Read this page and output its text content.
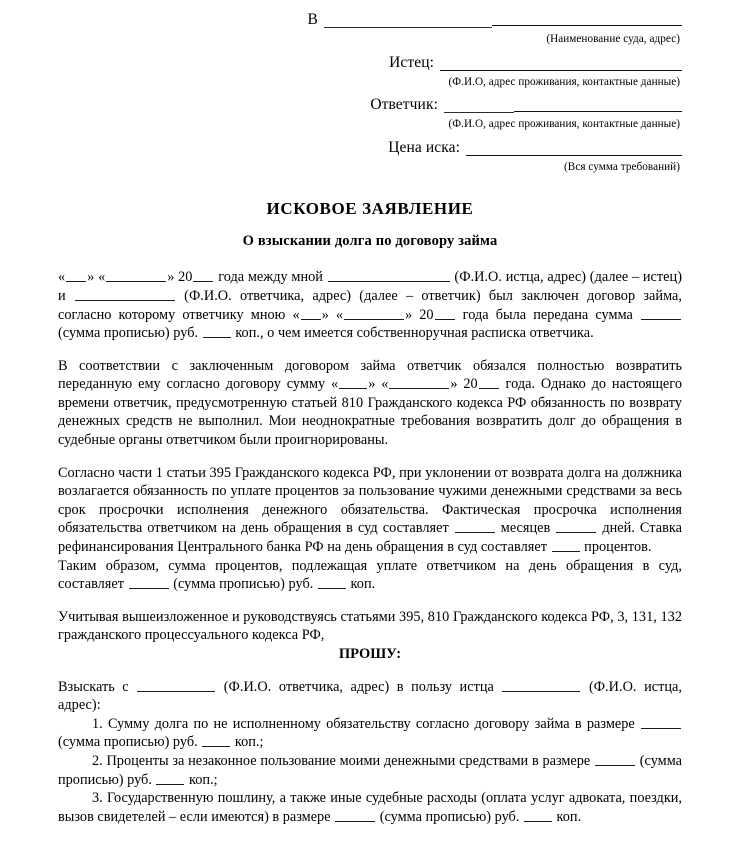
В
(Наименование суда, адрес)
Истец:
(Ф.И.О, адрес проживания, контактные данные)
Ответчик:
(Ф.И.О, адрес проживания, контактные данные)
Цена иска:
(Вся сумма требований)
ИСКОВОЕ ЗАЯВЛЕНИЕ
О взыскании долга по договору займа

« » «	» 20 года между мной	(Ф.И.О. истца, адрес) (далее – истец) и	(Ф.И.О. ответчика, адрес) (далее – ответчик) был заключен договор займа, согласно которому ответчику мною « » «	» 20 года была передана сумма  (сумма прописью) руб.  коп., о чем имеется собственноручная расписка ответчика.

В соответствии с заключенным договором займа ответчик обязался полностью возвратить переданную ему согласно договору сумму « » «	» 20 года. Однако до настоящего времени ответчик, предусмотренную статьей 810 Гражданского кодекса РФ обязанность по возврату денежных средств не выполнил. Мои неоднократные требования возвратить долг до обращения в судебные органы ответчиком были проигнорированы.

Согласно части 1 статьи 395 Гражданского кодекса РФ, при уклонении от возврата долга на должника возлагается обязанность по уплате процентов за пользование чужими денежными средствами за весь срок просрочки исполнения денежного обязательства. Фактическая просрочка исполнения обязательства ответчиком на день обращения в суд составляет	месяцев	дней. Ставка рефинансирования Центрального банка РФ на день обращения в суд составляет  процентов.

Таким образом, сумма процентов, подлежащая уплате ответчиком на день обращения в суд, составляет	(сумма прописью) руб.  коп.

Учитывая вышеизложенное и руководствуясь статьями 395, 810 Гражданского кодекса РФ, 3, 131, 132 гражданского процессуального кодекса РФ,

ПРОШУ:

Взыскать с	(Ф.И.О. ответчика, адрес) в пользу истца	(Ф.И.О. истца, адрес):

1. Сумму долга по не исполненному обязательству согласно договору займа в размере  (сумма прописью) руб.  коп.;

2. Проценты за незаконное пользование моими денежными средствами в размере	(сумма прописью) руб.  коп.;

3. Государственную пошлину, а также иные судебные расходы (оплата услуг адвоката, поездки, вызов свидетелей – если имеются) в размере	(сумма прописью) руб.  коп.
